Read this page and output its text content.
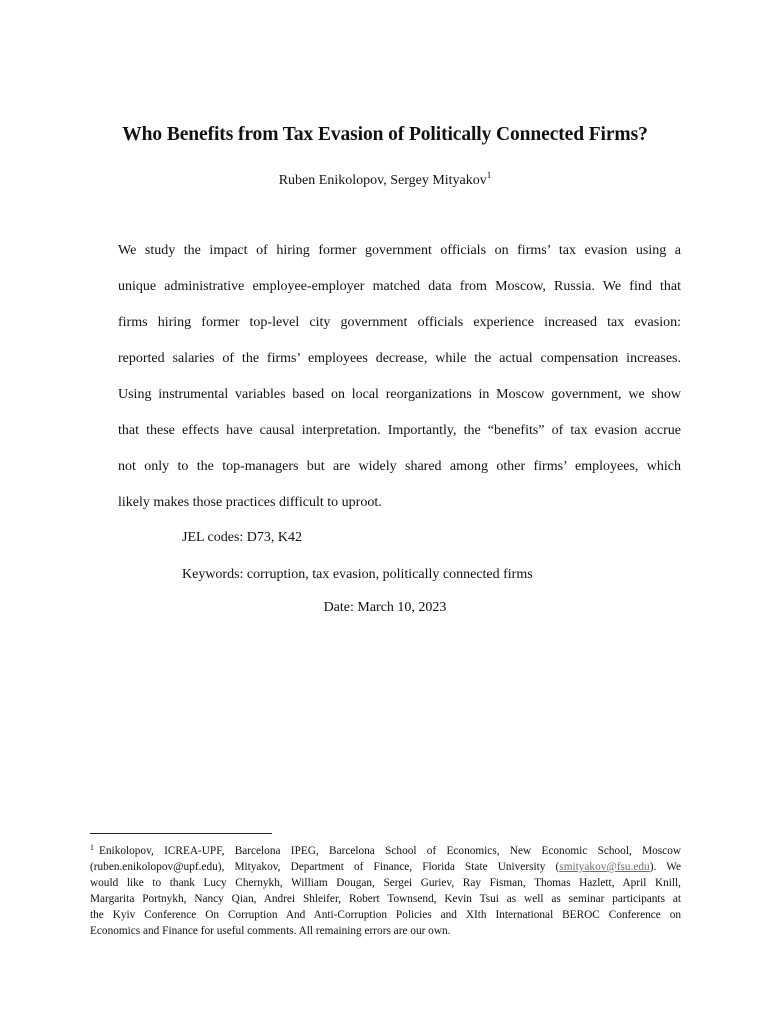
Who Benefits from Tax Evasion of Politically Connected Firms?
Ruben Enikolopov, Sergey Mityakov$^1$
We study the impact of hiring former government officials on firms’ tax evasion using a
unique administrative employee-employer matched data from Moscow, Russia. We find that
firms hiring former top-level city government officials experience increased tax evasion:
reported salaries of the firms’ employees decrease, while the actual compensation increases.
Using instrumental variables based on local reorganizations in Moscow government, we show
that these effects have causal interpretation. Importantly, the “benefits” of tax evasion accrue
not only to the top-managers but are widely shared among other firms’ employees, which
likely makes those practices difficult to uproot.
JEL codes: D73, K42
Keywords: corruption, tax evasion, politically connected firms
Date: March 10, 2023
$^1$ Enikolopov, ICREA-UPF, Barcelona IPEG, Barcelona School of Economics, New Economic School, Moscow
(ruben.enikolopov@upf.edu), Mityakov, Department of Finance, Florida State University (smityakov@fsu.edu). We
would like to thank Lucy Chernykh, William Dougan, Sergei Guriev, Ray Fisman, Thomas Hazlett, April Knill,
Margarita Portnykh, Nancy Qian, Andrei Shleifer, Robert Townsend, Kevin Tsui as well as seminar participants at
the Kyiv Conference On Corruption And Anti-Corruption Policies and XIth International BEROC Conference on
Economics and Finance for useful comments. All remaining errors are our own.
